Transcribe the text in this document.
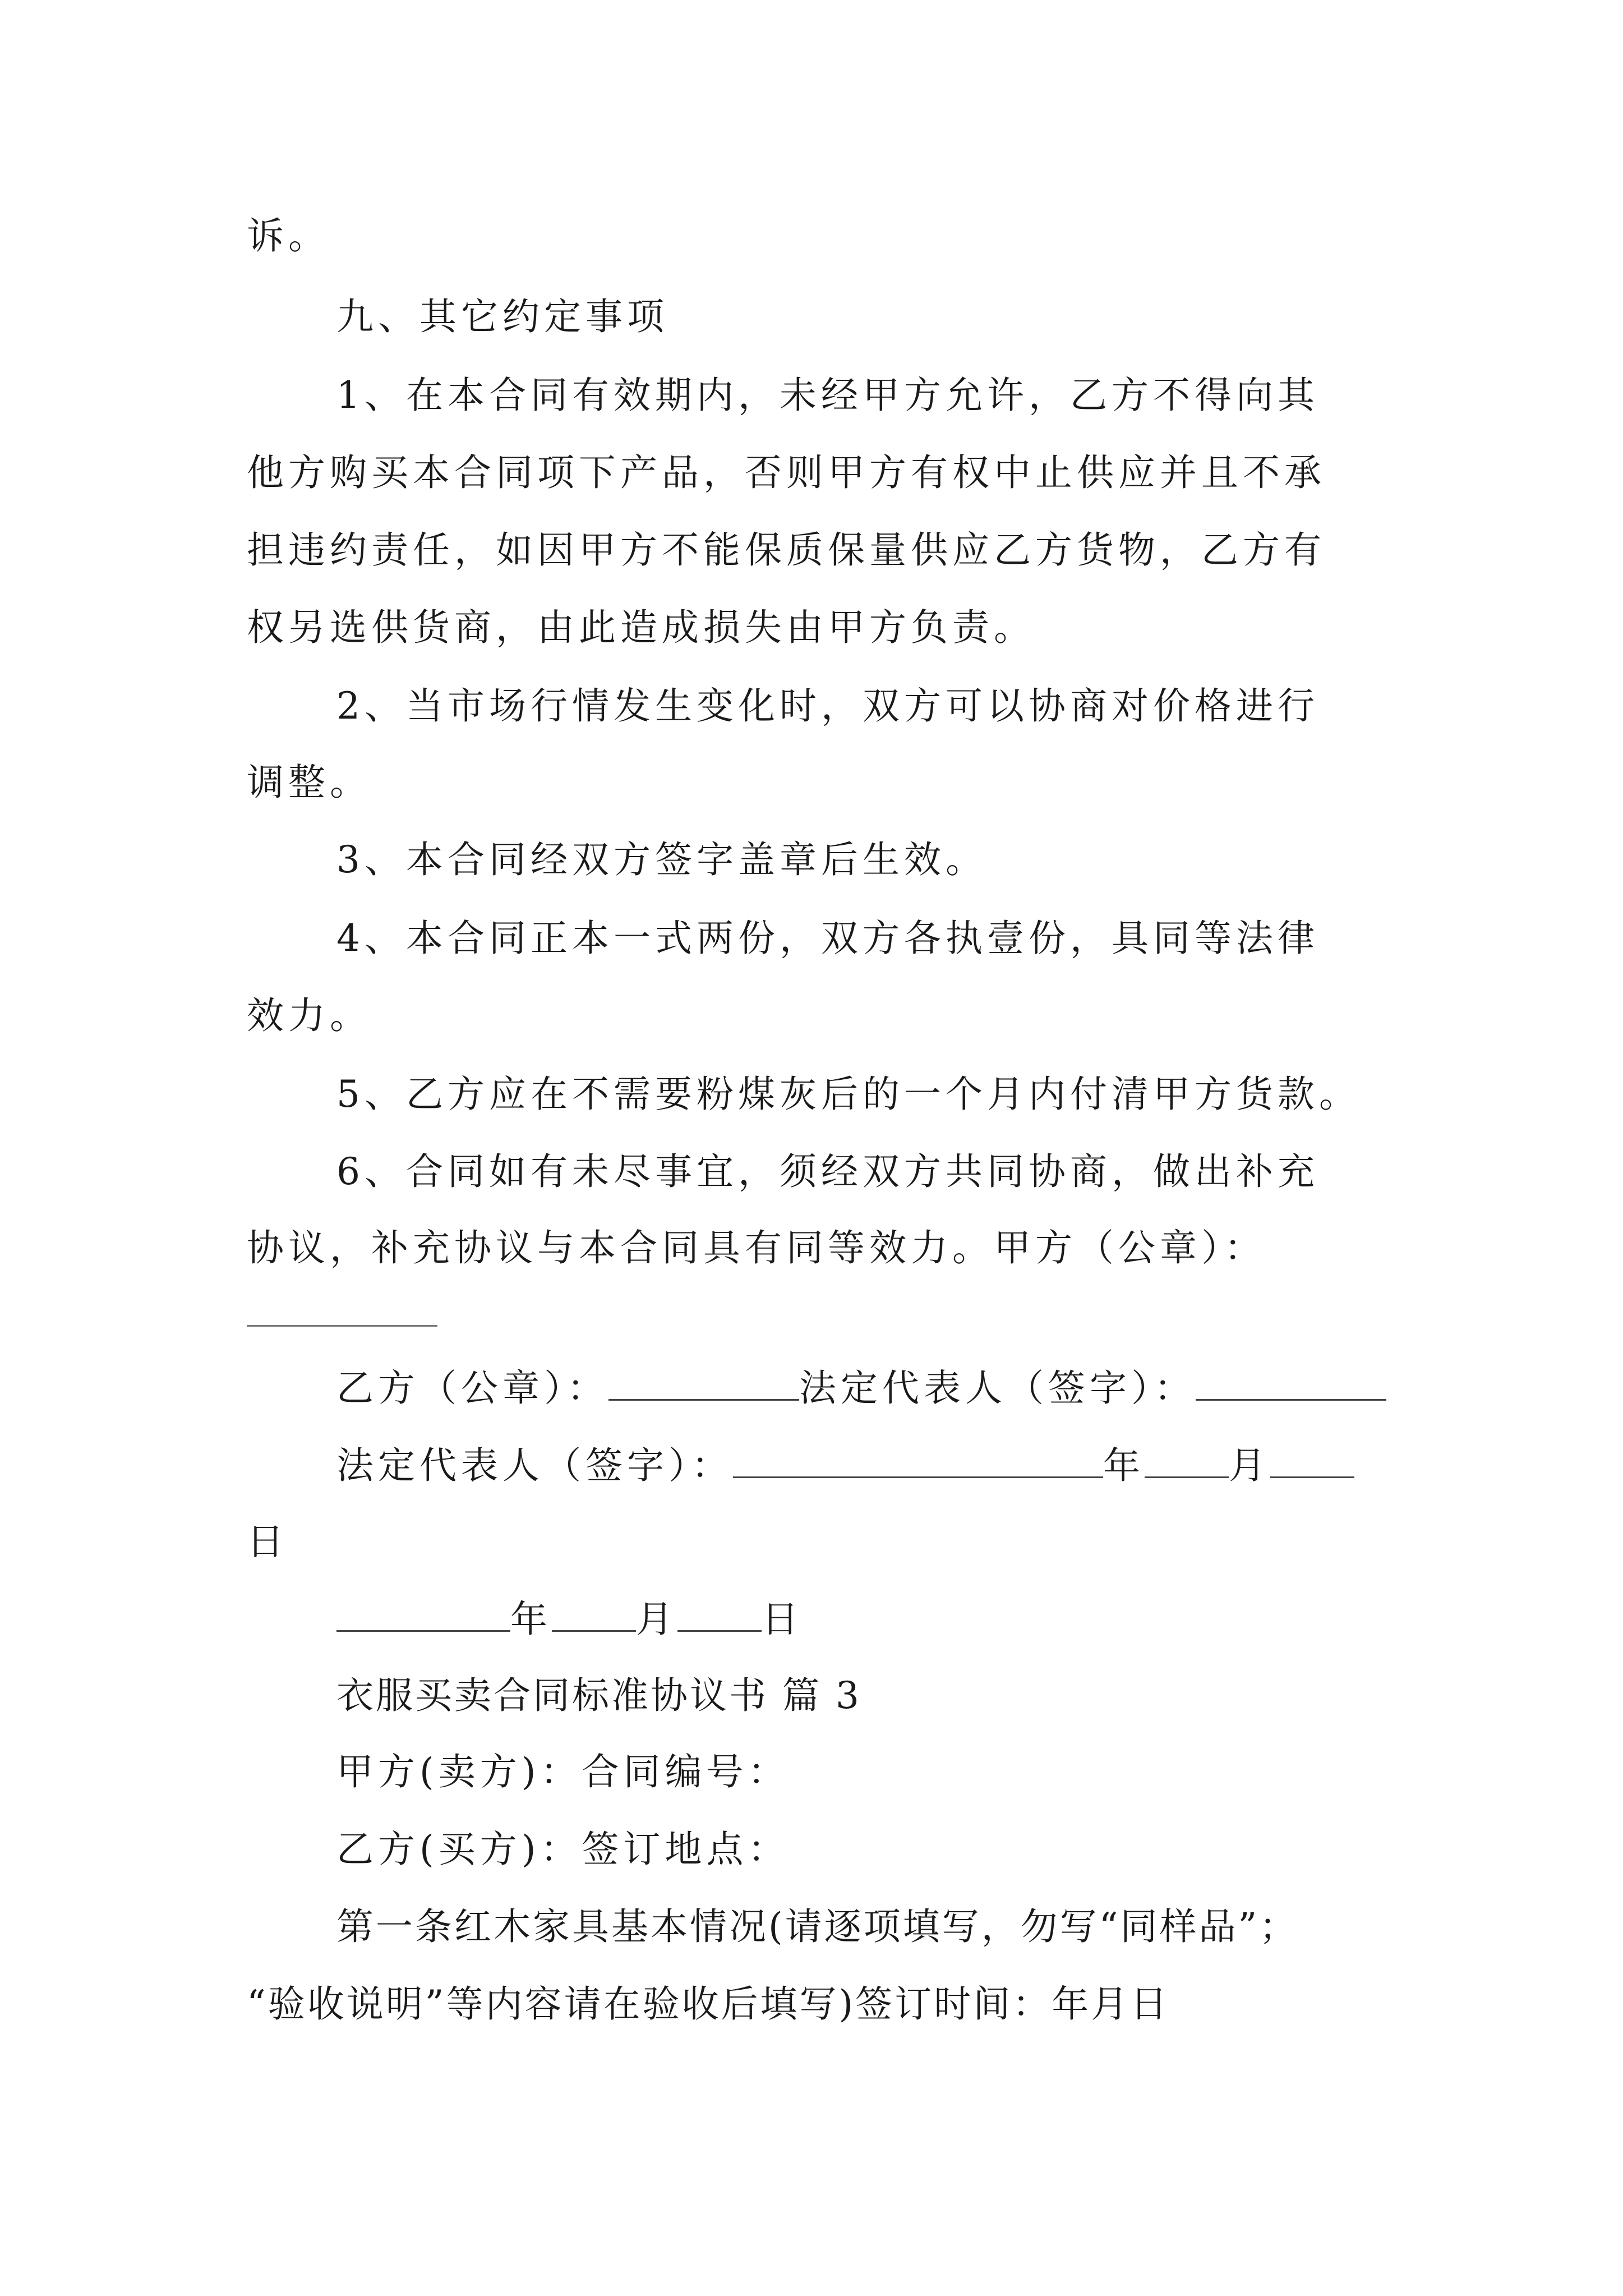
诉。
九、其它约定事项
1、在本合同有效期内，未经甲方允许，乙方不得向其
他方购买本合同项下产品，否则甲方有权中止供应并且不承
担违约责任，如因甲方不能保质保量供应乙方货物，乙方有
权另选供货商，由此造成损失由甲方负责。
2、当市场行情发生变化时，双方可以协商对价格进行
调整。
3、本合同经双方签字盖章后生效。
4、本合同正本一式两份，双方各执壹份，具同等法律
效力。
5、乙方应在不需要粉煤灰后的一个月内付清甲方货款。
6、合同如有未尽事宜，须经双方共同协商，做出补充
协议，补充协议与本合同具有同等效力。甲方（公章）：
乙方（公章）：	法定代表人（签字）：
法定代表人（签字）：	年 月
日
年 月 日
衣服买卖合同标准协议书 篇 3
甲方(卖方)：合同编号：
乙方(买方)：签订地点：
第一条红木家具基本情况(请逐项填写，勿写“同样品”；
“验收说明”等内容请在验收后填写)签订时间：年月日
